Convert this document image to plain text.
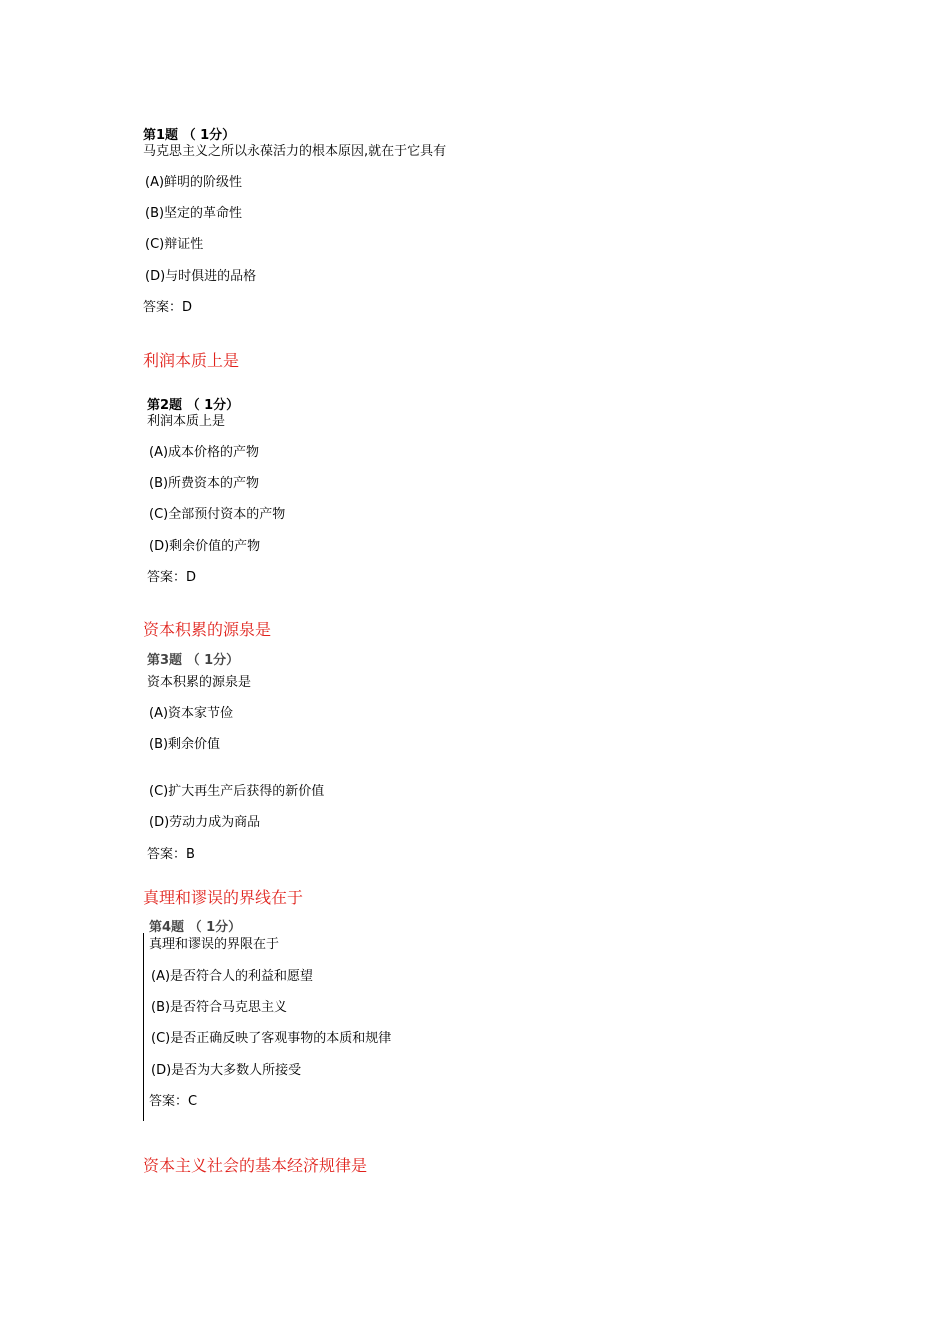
第1题 （ 1分）
马克思主义之所以永葆活力的根本原因,就在于它具有
(A)鲜明的阶级性
(B)坚定的革命性
(C)辩证性
(D)与时俱进的品格
答案：D
利润本质上是
第2题 （ 1分）
利润本质上是
(A)成本价格的产物
(B)所费资本的产物
(C)全部预付资本的产物
(D)剩余价值的产物
答案：D
资本积累的源泉是
第3题 （ 1分）
资本积累的源泉是
(A)资本家节俭
(B)剩余价值
(C)扩大再生产后获得的新价值
(D)劳动力成为商品
答案：B
真理和谬误的界线在于
第4题 （ 1分）
真理和谬误的界限在于
(A)是否符合人的利益和愿望
(B)是否符合马克思主义
(C)是否正确反映了客观事物的本质和规律
(D)是否为大多数人所接受
答案：C
资本主义社会的基本经济规律是
